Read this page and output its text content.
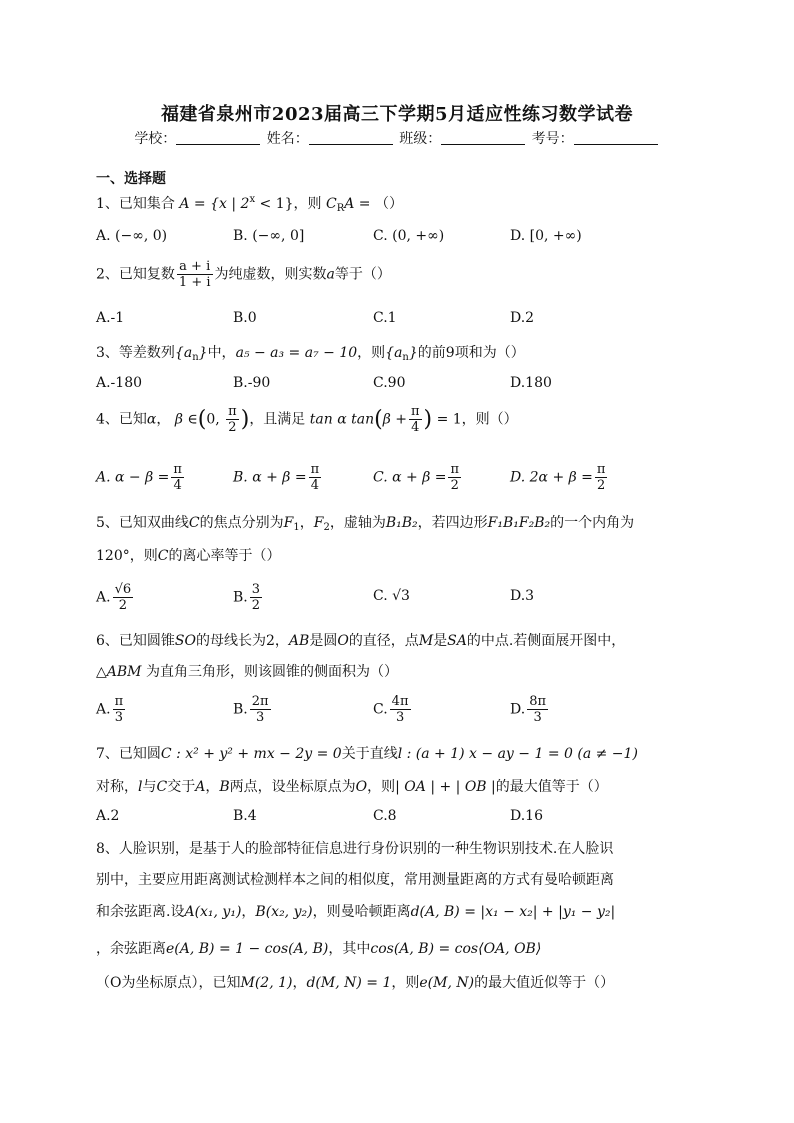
福建省泉州市2023届高三下学期5月适应性练习数学试卷
学校：	姓名：	班级：	考号：
一、选择题
1、已知集合 A = {x | $2^x < 1$}，则 $C_RA$ = （）
A. (−∞, 0)	B. (−∞, 0]	C. (0, +∞)	D. [0, +∞)
2、已知复数 $\frac{a + i}{1 + i}$ 为纯虚数，则实数a等于（）
A.-1	B.0	C.1	D.2
3、等差数列$\{a_n\}$中，a₅ − a₃ = a₇ − 10，则$\{a_n\}$的前9项和为（）
A.-180	B.-90	C.90	D.180
4、已知α， β ∈(0, $\frac{\pi}{2}$ )，且满足 tan α $\tan(\beta + \frac{\pi}{4}$ ) = 1，则（）
A. $\alpha - \beta = \frac{\pi}{4}$	B. $\alpha + \beta = \frac{\pi}{4}$	C. $\alpha + \beta = \frac{\pi}{2}$	D. $2\alpha + \beta = \frac{\pi}{2}$
5、已知双曲线C的焦点分别为$F_1$，$F_2$，虚轴为B₁B₂，若四边形F₁B₁F₂B₂的一个内角为
120°，则C的离心率等于（）
A. $\frac{√6}{2}$	B. $\frac{3}{2}$	C. √3	D.3
6、已知圆锥SO的母线长为2，AB是圆O的直径，点M是SA的中点.若侧面展开图中，
△ABM 为直角三角形，则该圆锥的侧面积为（）
A. $\frac{\pi}{3}$	B. $\frac{2\pi}{3}$	C. $\frac{4\pi}{3}$	D. $\frac{8\pi}{3}$
7、已知圆C : x² + y² + mx − 2y = 0关于直线l : (a + 1) x − ay − 1 = 0 (a ≠ −1)
对称，l与C交于A，B两点，设坐标原点为O，则| OA | + | OB |的最大值等于（）
A.2	B.4	C.8	D.16
8、人脸识别，是基于人的脸部特征信息进行身份识别的一种生物识别技术.在人脸识
别中，主要应用距离测试检测样本之间的相似度，常用测量距离的方式有曼哈顿距离
和余弦距离.设A(x₁, y₁)，B(x₂, y₂)，则曼哈顿距离d(A, B) = |x₁ − x₂| + |y₁ − y₂|
，余弦距离e(A, B) = 1 − cos(A, B)，其中cos(A, B) = cos⟨OA, OB⟩
（O为坐标原点），已知M(2, 1)，d(M, N) = 1，则e(M, N)的最大值近似等于（）
